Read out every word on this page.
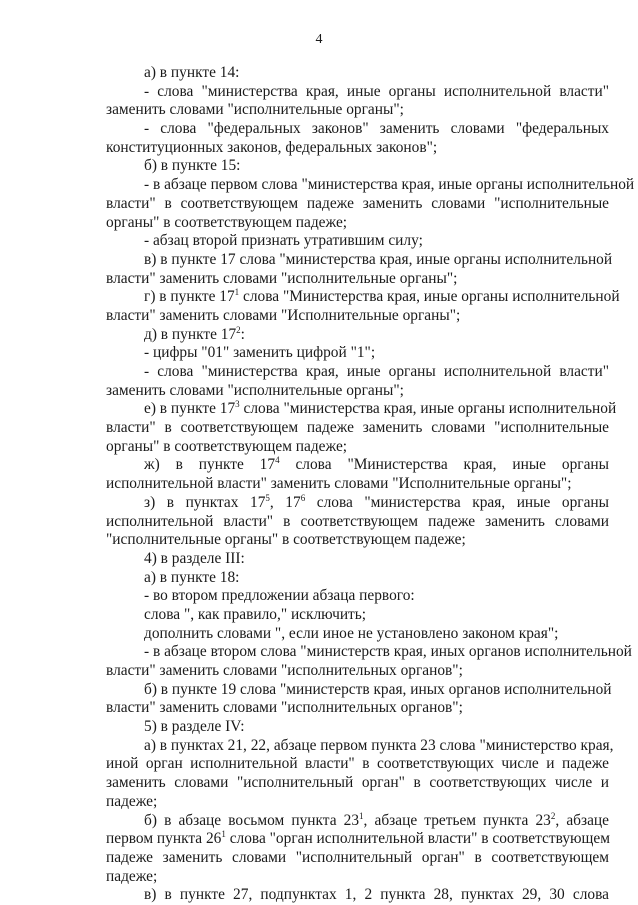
4
а) в пункте 14:
- слова "министерства края, иные органы исполнительной власти"
заменить словами "исполнительные органы";
- слова "федеральных законов" заменить словами "федеральных
конституционных законов, федеральных законов";
б) в пункте 15:
- в абзаце первом слова "министерства края, иные органы исполнительной
власти" в соответствующем падеже заменить словами "исполнительные
органы" в соответствующем падеже;
- абзац второй признать утратившим силу;
в) в пункте 17 слова "министерства края, иные органы исполнительной
власти" заменить словами "исполнительные органы";
г) в пункте $17^1$ слова "Министерства края, иные органы исполнительной
власти" заменить словами "Исполнительные органы";
д) в пункте $17^2$:
- цифры "01" заменить цифрой "1";
- слова "министерства края, иные органы исполнительной власти"
заменить словами "исполнительные органы";
е) в пункте $17^3$ слова "министерства края, иные органы исполнительной
власти" в соответствующем падеже заменить словами "исполнительные
органы" в соответствующем падеже;
ж) в пункте $17^4$ слова "Министерства края, иные органы
исполнительной власти" заменить словами "Исполнительные органы";
з) в пунктах $17^5$, $17^6$ слова "министерства края, иные органы
исполнительной власти" в соответствующем падеже заменить словами
"исполнительные органы" в соответствующем падеже;
4) в разделе III:
а) в пункте 18:
- во втором предложении абзаца первого:
слова ", как правило," исключить;
дополнить словами ", если иное не установлено законом края";
- в абзаце втором слова "министерств края, иных органов исполнительной
власти" заменить словами "исполнительных органов";
б) в пункте 19 слова "министерств края, иных органов исполнительной
власти" заменить словами "исполнительных органов";
5) в разделе IV:
а) в пунктах 21, 22, абзаце первом пункта 23 слова "министерство края,
иной орган исполнительной власти" в соответствующих числе и падеже
заменить словами "исполнительный орган" в соответствующих числе и
падеже;
б) в абзаце восьмом пункта $23^1$, абзаце третьем пункта $23^2$, абзаце
первом пункта $26^1$ слова "орган исполнительной власти" в соответствующем
падеже заменить словами "исполнительный орган" в соответствующем
падеже;
в) в пункте 27, подпунктах 1, 2 пункта 28, пунктах 29, 30 слова
